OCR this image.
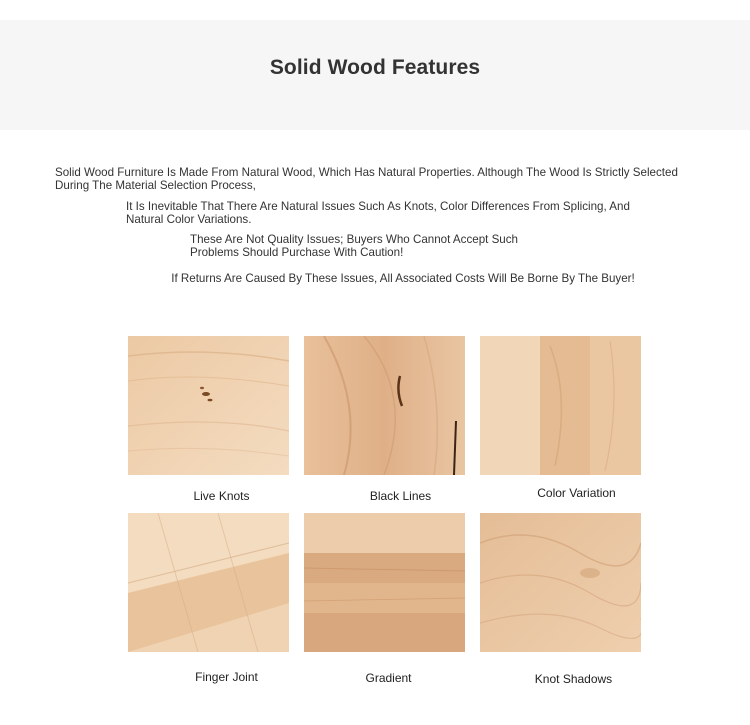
Solid Wood Features

Solid Wood Furniture Is Made From Natural Wood, Which Has Natural Properties. Although The Wood Is Strictly Selected During The Material Selection Process,

It Is Inevitable That There Are Natural Issues Such As Knots, Color Differences From Splicing, And Natural Color Variations.

These Are Not Quality Issues; Buyers Who Cannot Accept Such Problems Should Purchase With Caution!

If Returns Are Caused By These Issues, All Associated Costs Will Be Borne By The Buyer!

Live Knots	Black Lines	Color Variation
Finger Joint	Gradient	Knot Shadows
